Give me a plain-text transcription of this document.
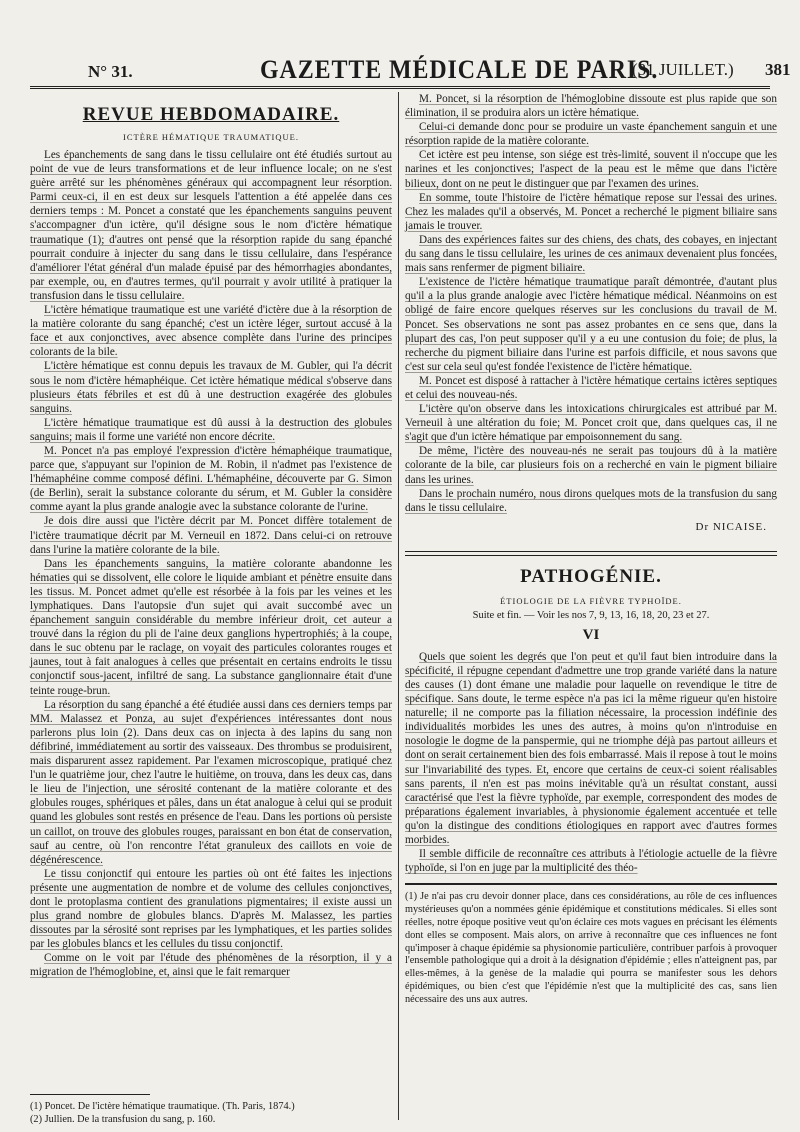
N° 31.	GAZETTE MÉDICALE DE PARIS.
(31 JUILLET.) 381
REVUE HEBDOMADAIRE.
ICTÈRE HÉMATIQUE TRAUMATIQUE.

Les épanchements de sang dans le tissu cellulaire ont été étudiés surtout au point de vue de leurs transformations et de leur influence locale; on ne s'est guère arrêté sur les phénomènes généraux qui accompagnent leur résorption. Parmi ceux-ci, il en est deux sur lesquels l'attention a été appelée dans ces derniers temps : M. Poncet a constaté que les épanchements sanguins peuvent s'accompagner d'un ictère, qu'il désigne sous le nom d'ictère hématique traumatique (1); d'autres ont pensé que la résorption rapide du sang épanché pourrait conduire à injecter du sang dans le tissu cellulaire, dans l'espérance d'améliorer l'état général d'un malade épuisé par des hémorrhagies abondantes, par exemple, ou, en d'autres termes, qu'il pourrait y avoir utilité à pratiquer la transfusion dans le tissu cellulaire.

L'ictère hématique traumatique est une variété d'ictère due à la résorption de la matière colorante du sang épanché; c'est un ictère léger, surtout accusé à la face et aux conjonctives, avec absence complète dans l'urine des principes colorants de la bile.

L'ictère hématique est connu depuis les travaux de M. Gubler, qui l'a décrit sous le nom d'ictère hémaphéique. Cet ictère hématique médical s'observe dans plusieurs états fébriles et est dû à une destruction exagérée des globules sanguins.

L'ictère hématique traumatique est dû aussi à la destruction des globules sanguins; mais il forme une variété non encore décrite.

M. Poncet n'a pas employé l'expression d'ictère hémaphéique traumatique, parce que, s'appuyant sur l'opinion de M. Robin, il n'admet pas l'existence de l'hémaphéine comme composé défini. L'hémaphéine, découverte par G. Simon (de Berlin), serait la substance colorante du sérum, et M. Gubler la considère comme ayant la plus grande analogie avec la substance colorante de l'urine.

Je dois dire aussi que l'ictère décrit par M. Poncet diffère totalement de l'ictère traumatique décrit par M. Verneuil en 1872. Dans celui-ci on retrouve dans l'urine la matière colorante de la bile.

Dans les épanchements sanguins, la matière colorante abandonne les hématies qui se dissolvent, elle colore le liquide ambiant et pénètre ensuite dans les tissus. M. Poncet admet qu'elle est résorbée à la fois par les veines et les lymphatiques. Dans l'autopsie d'un sujet qui avait succombé avec un épanchement sanguin considérable du membre inférieur droit, cet auteur a trouvé dans la région du pli de l'aine deux ganglions hypertrophiés; à la coupe, dans le suc obtenu par le raclage, on voyait des particules colorantes rouges et jaunes, tout à fait analogues à celles que présentait en certains endroits le tissu conjonctif sous-jacent, infiltré de sang. La substance ganglionnaire était d'une teinte rouge-brun.

La résorption du sang épanché a été étudiée aussi dans ces derniers temps par MM. Malassez et Ponza, au sujet d'expériences intéressantes dont nous parlerons plus loin (2). Dans deux cas on injecta à des lapins du sang non défibriné, immédiatement au sortir des vaisseaux. Des thrombus se produisirent, mais disparurent assez rapidement. Par l'examen microscopique, pratiqué chez l'un le quatrième jour, chez l'autre le huitième, on trouva, dans les deux cas, dans le lieu de l'injection, une sérosité contenant de la matière colorante et des globules rouges, sphériques et pâles, dans un état analogue à celui qui se produit quand les globules sont restés en présence de l'eau. Dans les portions où persiste un caillot, on trouve des globules rouges, paraissant en bon état de conservation, sauf au centre, où l'on rencontre l'état granuleux des caillots en voie de dégénérescence.

Le tissu conjonctif qui entoure les parties où ont été faites les injections présente une augmentation de nombre et de volume des cellules conjonctives, dont le protoplasma contient des granulations pigmentaires; il existe aussi un plus grand nombre de globules blancs. D'après M. Malassez, les parties dissoutes par la sérosité sont reprises par les lymphatiques, et les parties solides par les globules blancs et les cellules du tissu conjonctif.

Comme on le voit par l'étude des phénomènes de la résorption, il y a migration de l'hémoglobine, et, ainsi que le fait remarquer

(1) Poncet. De l'ictère hématique traumatique. (Th. Paris, 1874.)

(2) Jullien. De la transfusion du sang, p. 160.

M. Poncet, si la résorption de l'hémoglobine dissoute est plus rapide que son élimination, il se produira alors un ictère hématique.

Celui-ci demande donc pour se produire un vaste épanchement sanguin et une résorption rapide de la matière colorante.

Cet ictère est peu intense, son siége est très-limité, souvent il n'occupe que les narines et les conjonctives; l'aspect de la peau est le même que dans l'ictère bilieux, dont on ne peut le distinguer que par l'examen des urines.

En somme, toute l'histoire de l'ictère hématique repose sur l'essai des urines. Chez les malades qu'il a observés, M. Poncet a recherché le pigment biliaire sans jamais le trouver.

Dans des expériences faites sur des chiens, des chats, des cobayes, en injectant du sang dans le tissu cellulaire, les urines de ces animaux devenaient plus foncées, mais sans renfermer de pigment biliaire.

L'existence de l'ictère hématique traumatique paraît démontrée, d'autant plus qu'il a la plus grande analogie avec l'ictère hématique médical. Néanmoins on est obligé de faire encore quelques réserves sur les conclusions du travail de M. Poncet. Ses observations ne sont pas assez probantes en ce sens que, dans la plupart des cas, l'on peut supposer qu'il y a eu une contusion du foie; de plus, la recherche du pigment biliaire dans l'urine est parfois difficile, et nous savons que c'est sur cela seul qu'est fondée l'existence de l'ictère hématique.

M. Poncet est disposé à rattacher à l'ictère hématique certains ictères septiques et celui des nouveau-nés.

L'ictère qu'on observe dans les intoxications chirurgicales est attribué par M. Verneuil à une altération du foie; M. Poncet croit que, dans quelques cas, il ne s'agit que d'un ictère hématique par empoisonnement du sang.

De même, l'ictère des nouveau-nés ne serait pas toujours dû à la matière colorante de la bile, car plusieurs fois on a recherché en vain le pigment biliaire dans les urines.

Dans le prochain numéro, nous dirons quelques mots de la transfusion du sang dans le tissu cellulaire.

Dr NICAISE.
PATHOGÉNIE.
ÉTIOLOGIE DE LA FIÈVRE TYPHOÏDE.
Suite et fin. — Voir les nos 7, 9, 13, 16, 18, 20, 23 et 27.
VI

Quels que soient les degrés que l'on peut et qu'il faut bien introduire dans la spécificité, il répugne cependant d'admettre une trop grande variété dans la nature des causes (1) dont émane une maladie pour laquelle on revendique le titre de spécifique. Sans doute, le terme espèce n'a pas ici la même rigueur qu'en histoire naturelle; il ne comporte pas la filiation nécessaire, la procession indéfinie des individualités morbides les unes des autres, à moins qu'on n'introduise en nosologie le dogme de la panspermie, qui ne triomphe déjà pas partout ailleurs et dont on serait certainement bien des fois embarrassé. Mais il repose à tout le moins sur l'invariabilité des types. Et, encore que certains de ceux-ci soient réalisables sans parents, il n'en est pas moins inévitable qu'à un résultat constant, aussi caractérisé que l'est la fièvre typhoïde, par exemple, correspondent des modes de préparations également invariables, à physionomie également accentuée et telle qu'on la distingue des conditions étiologiques en rapport avec d'autres formes morbides.

Il semble difficile de reconnaître ces attributs à l'étiologie actuelle de la fièvre typhoïde, si l'on en juge par la multiplicité des théo-

(1) Je n'ai pas cru devoir donner place, dans ces considérations, au rôle de ces influences mystérieuses qu'on a nommées génie épidémique et constitutions médicales. Si elles sont réelles, notre époque positive veut qu'on éclaire ces mots vagues en précisant les éléments dont elles se composent. Mais alors, on arrive à reconnaître que ces influences ne font qu'imposer à chaque épidémie sa physionomie particulière, contribuer parfois à provoquer l'ensemble pathologique qui a droit à la désignation d'épidémie ; elles n'atteignent pas, par elles-mêmes, à la genèse de la maladie qui pourra se manifester sous les dehors épidémiques, ou bien c'est que l'épidémie n'est que la multiplicité des cas, sans lien nécessaire des uns aux autres.
